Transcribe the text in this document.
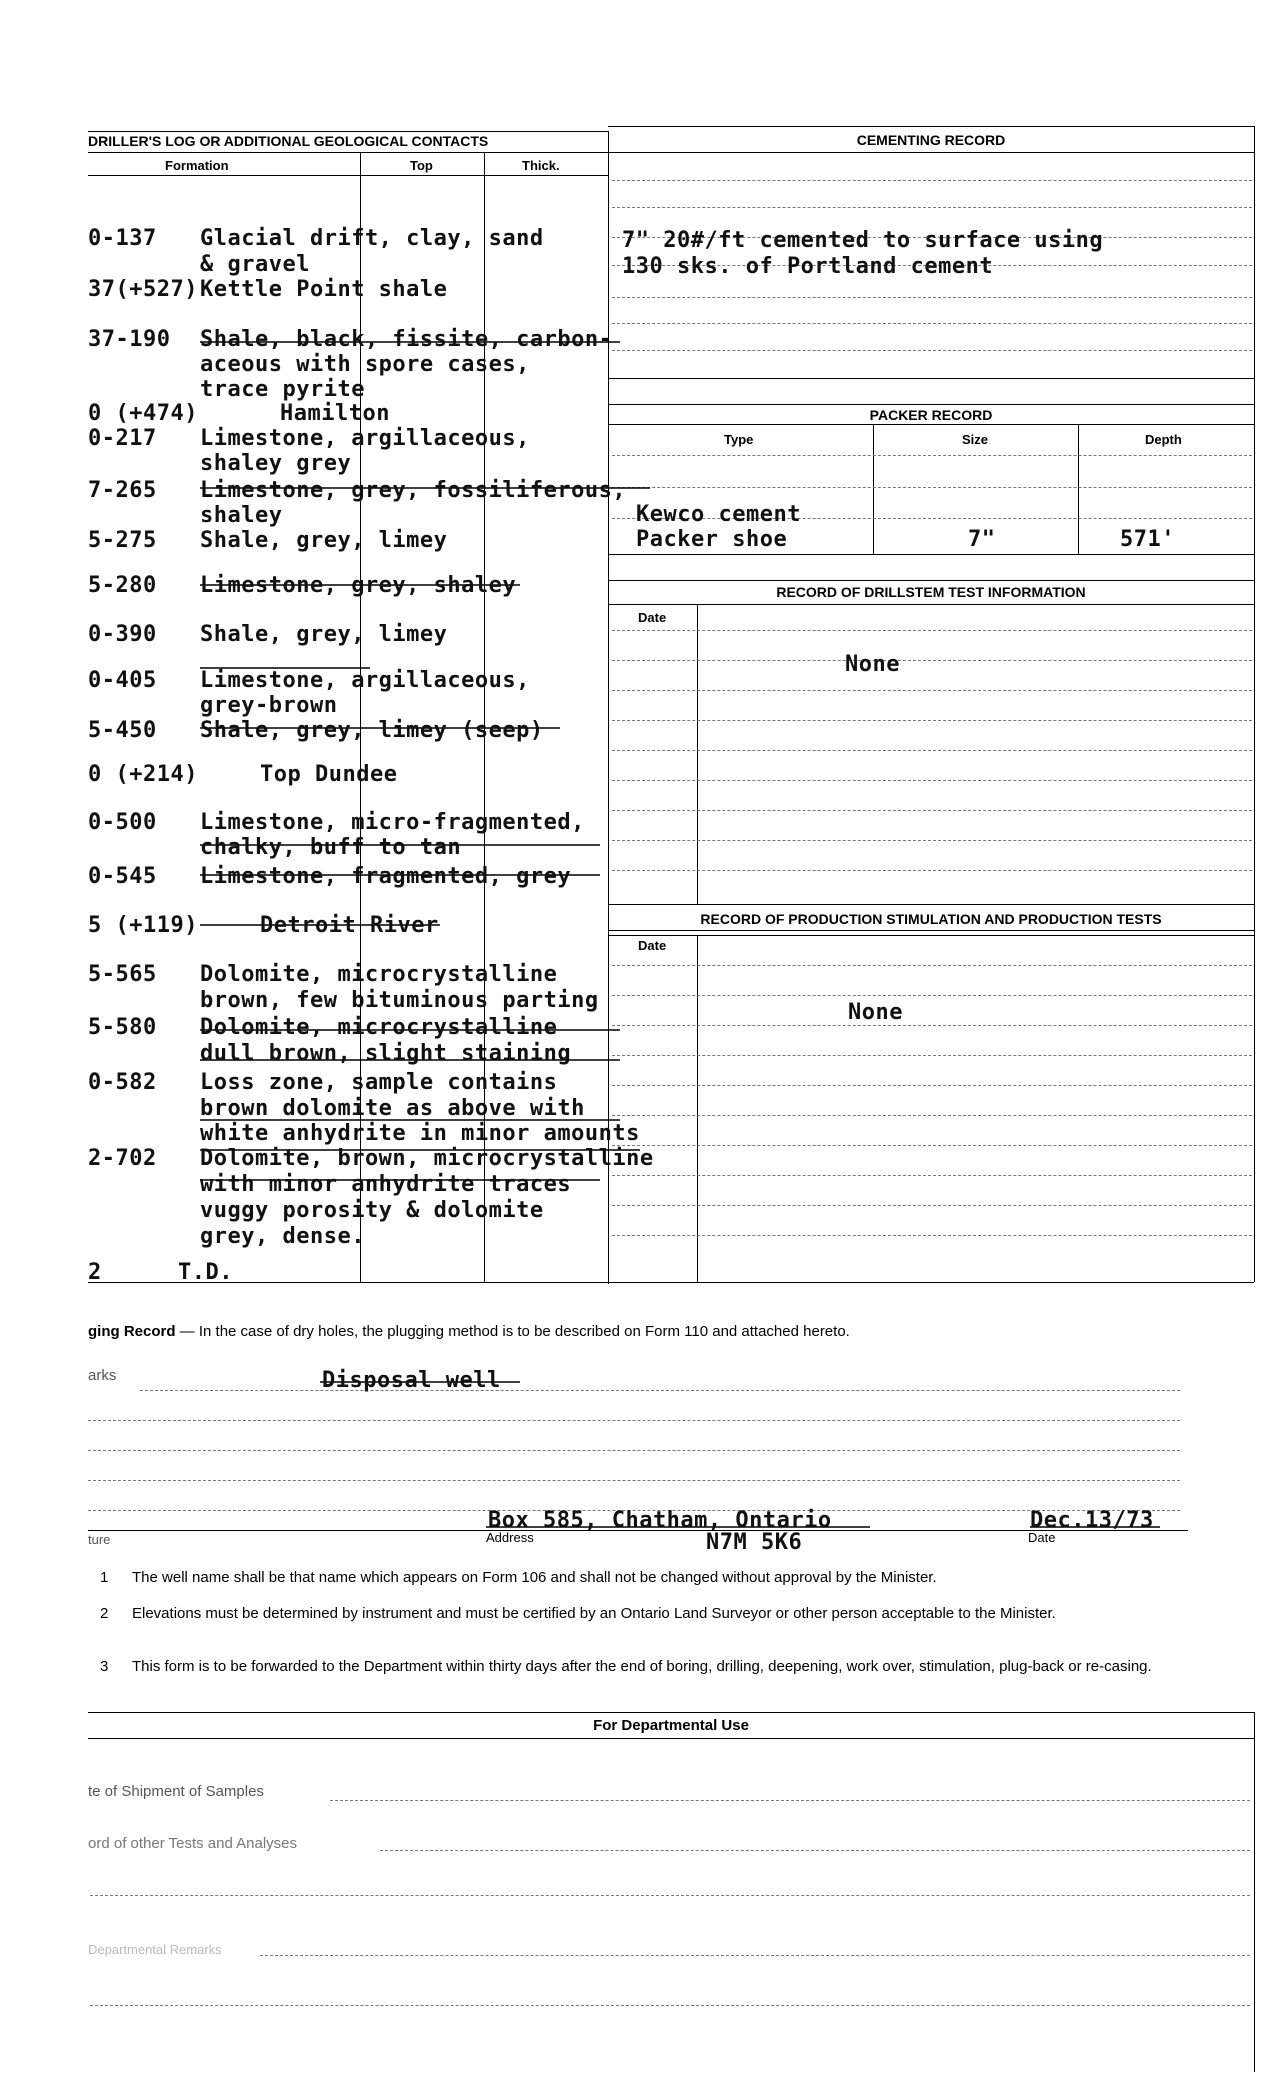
DRILLER'S LOG OR ADDITIONAL GEOLOGICAL CONTACTS
Formation	Top	Thick.
0-137 Glacial drift, clay, sand
& gravel
37(+527) Kettle Point shale
37-190 Shale, black, fissite, carbon-
aceous with spore cases,
trace pyrite
0 (+474)	Hamilton
0-217 Limestone, argillaceous,
shaley grey
7-265 Limestone, grey, fossiliferous,
shaley
5-275 Shale, grey, limey
5-280 Limestone, grey, shaley
0-390 Shale, grey, limey
0-405 Limestone, argillaceous,
grey-brown
5-450 Shale, grey, limey (seep)
0 (+214)	Top Dundee
0-500 Limestone, micro-fragmented,
chalky, buff to tan
0-545 Limestone, fragmented, grey
5 (+119)	Detroit River
5-565 Dolomite, microcrystalline
brown, few bituminous parting
5-580 Dolomite, microcrystalline
dull brown, slight staining
0-582 Loss zone, sample contains
brown dolomite as above with
white anhydrite in minor amounts
2-702 Dolomite, brown, microcrystalline
with minor anhydrite traces
vuggy porosity & dolomite
grey, dense.
2	T.D.
CEMENTING RECORD
7" 20#/ft cemented to surface using
130 sks. of Portland cement
PACKER RECORD
Type	Size	Depth
Kewco cement
Packer shoe	7"	571'
RECORD OF DRILLSTEM TEST INFORMATION
Date
None
RECORD OF PRODUCTION STIMULATION AND PRODUCTION TESTS
Date
None
ging Record — In the case of dry holes, the plugging method is to be described on Form 110 and attached hereto.
arks	Disposal well
Box 585, Chatham, Ontario
N7M 5K6
Dec.13/73
ture	Address	Date
1 The well name shall be that name which appears on Form 106 and shall not be changed without approval by the Minister.
2	Elevations must be determined by instrument and must be certified by an Ontario Land Surveyor or other person acceptable to the Minister.
3	This form is to be forwarded to the Department within thirty days after the end of boring, drilling, deepening, work over, stimulation, plug-back or re-casing.
For Departmental Use
te of Shipment of Samples
ord of other Tests and Analyses
Departmental Remarks
